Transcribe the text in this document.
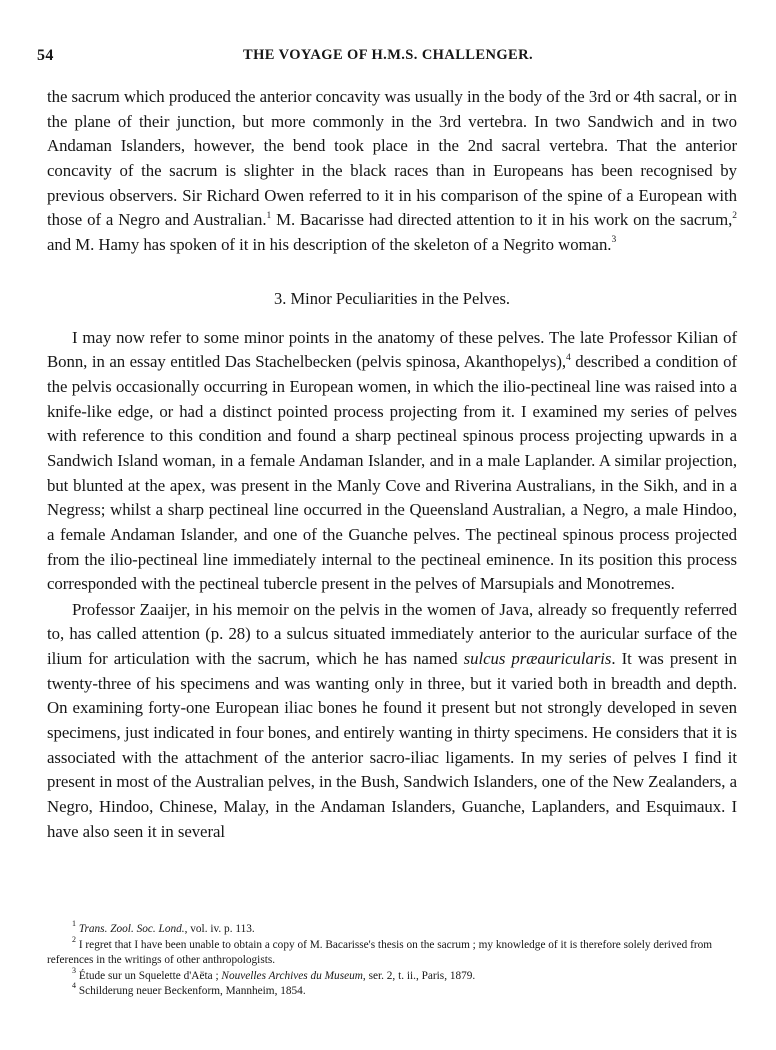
54	THE VOYAGE OF H.M.S. CHALLENGER.

the sacrum which produced the anterior concavity was usually in the body of the 3rd or 4th sacral, or in the plane of their junction, but more commonly in the 3rd vertebra. In two Sandwich and in two Andaman Islanders, however, the bend took place in the 2nd sacral vertebra. That the anterior concavity of the sacrum is slighter in the black races than in Europeans has been recognised by previous observers. Sir Richard Owen referred to it in his comparison of the spine of a European with those of a Negro and Australian.$^1$ M. Bacarisse had directed attention to it in his work on the sacrum,$^2$ and M. Hamy has spoken of it in his description of the skeleton of a Negrito woman.$^3$

3. Minor Peculiarities in the Pelves.

I may now refer to some minor points in the anatomy of these pelves. The late Professor Kilian of Bonn, in an essay entitled Das Stachelbecken (pelvis spinosa, Akanthopelys),$^4$ described a condition of the pelvis occasionally occurring in European women, in which the ilio-pectineal line was raised into a knife-like edge, or had a distinct pointed process projecting from it. I examined my series of pelves with reference to this condition and found a sharp pectineal spinous process projecting upwards in a Sandwich Island woman, in a female Andaman Islander, and in a male Laplander. A similar projection, but blunted at the apex, was present in the Manly Cove and Riverina Australians, in the Sikh, and in a Negress; whilst a sharp pectineal line occurred in the Queensland Australian, a Negro, a male Hindoo, a female Andaman Islander, and one of the Guanche pelves. The pectineal spinous process projected from the ilio-pectineal line immediately internal to the pectineal eminence. In its position this process corresponded with the pectineal tubercle present in the pelves of Marsupials and Monotremes.

Professor Zaaijer, in his memoir on the pelvis in the women of Java, already so frequently referred to, has called attention (p. 28) to a sulcus situated immediately anterior to the auricular surface of the ilium for articulation with the sacrum, which he has named sulcus præauricularis. It was present in twenty-three of his specimens and was wanting only in three, but it varied both in breadth and depth. On examining forty-one European iliac bones he found it present but not strongly developed in seven specimens, just indicated in four bones, and entirely wanting in thirty specimens. He considers that it is associated with the attachment of the anterior sacro-iliac ligaments. In my series of pelves I find it present in most of the Australian pelves, in the Bush, Sandwich Islanders, one of the New Zealanders, a Negro, Hindoo, Chinese, Malay, in the Andaman Islanders, Guanche, Laplanders, and Esquimaux. I have also seen it in several

$^1$ Trans. Zool. Soc. Lond., vol. iv. p. 113.
$^2$ I regret that I have been unable to obtain a copy of M. Bacarisse's thesis on the sacrum ; my knowledge of it is therefore solely derived from references in the writings of other anthropologists.
$^3$ Étude sur un Squelette d'Aëta ; Nouvelles Archives du Museum, ser. 2, t. ii., Paris, 1879.
$^4$ Schilderung neuer Beckenform, Mannheim, 1854.
